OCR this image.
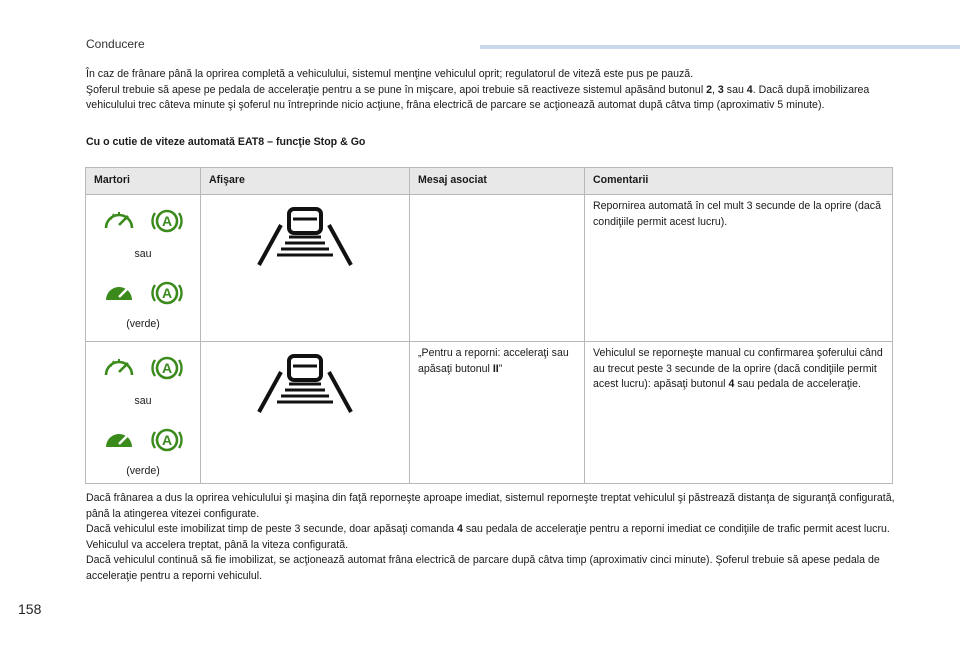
Conducere
În caz de frânare până la oprirea completă a vehiculului, sistemul menţine vehiculul oprit; regulatorul de viteză este pus pe pauză.
Şoferul trebuie să apese pe pedala de acceleraţie pentru a se pune în mişcare, apoi trebuie să reactiveze sistemul apăsând butonul 2, 3 sau 4. Dacă după imobilizarea vehiculului trec câteva minute şi şoferul nu întreprinde nicio acţiune, frâna electrică de parcare se acţionează automat după câtva timp (aproximativ 5 minute).
Cu o cutie de viteze automată EAT8 – funcţie Stop & Go
Martori	Afişare	Mesaj asociat	Comentarii

A
sau
A
(verde)			Repornirea automată în cel mult 3 secunde de la oprire (dacă condiţiile permit acest lucru).

A
sau
A
(verde)		„Pentru a reporni: acceleraţi sau apăsaţi butonul II”	Vehiculul se reporneşte manual cu confirmarea şoferului când au trecut peste 3 secunde de la oprire (dacă condiţiile permit acest lucru): apăsaţi butonul 4 sau pedala de acceleraţie.
Dacă frânarea a dus la oprirea vehiculului şi maşina din faţă reporneşte aproape imediat, sistemul reporneşte treptat vehiculul şi păstrează distanţa de siguranţă configurată, până la atingerea vitezei configurate.
Dacă vehiculul este imobilizat timp de peste 3 secunde, doar apăsaţi comanda 4 sau pedala de acceleraţie pentru a reporni imediat ce condiţiile de trafic permit acest lucru. Vehiculul va accelera treptat, până la viteza configurată.
Dacă vehiculul continuă să fie imobilizat, se acţionează automat frâna electrică de parcare după câtva timp (aproximativ cinci minute). Şoferul trebuie să apese pedala de acceleraţie pentru a reporni vehiculul.
158
